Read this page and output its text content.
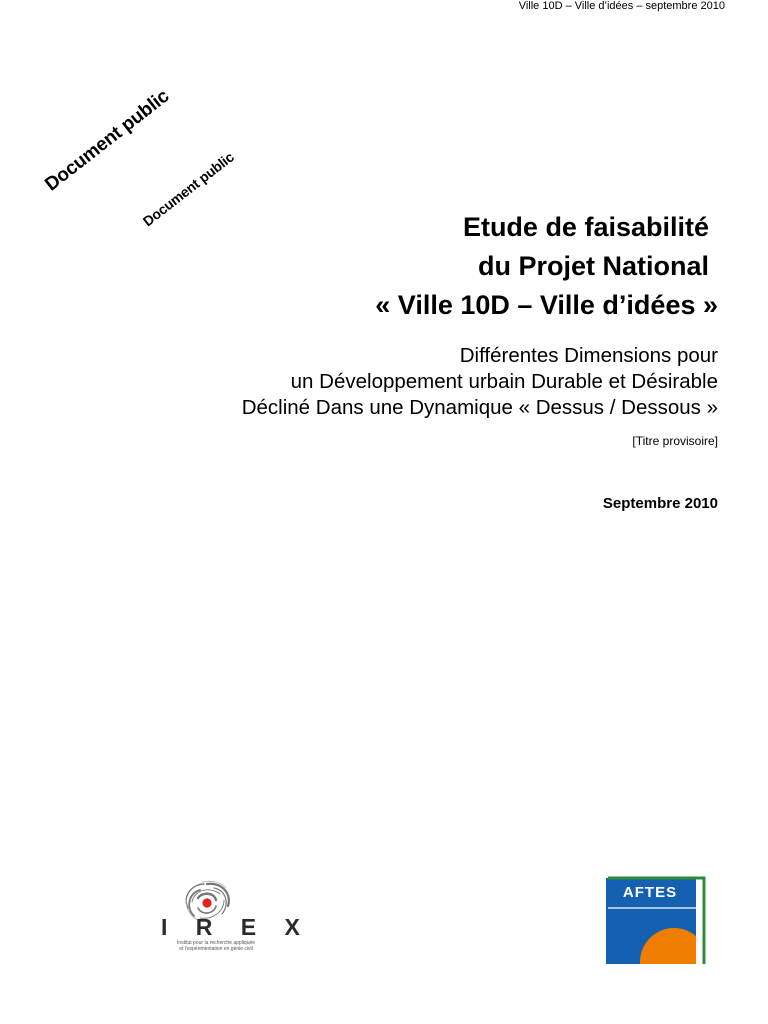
Ville 10D – Ville d’idées – septembre 2010
Document public
Document public	Etude de faisabilité
du Projet National
« Ville 10D – Ville d’idées »
Différentes Dimensions pour
un Développement urbain Durable et Désirable
Décliné Dans une Dynamique « Dessus / Dessous »
[Titre provisoire]
Septembre 2010
I R E X
Institut pour la recherche appliquée
et l'expérimentation en génie civil
AFTES
